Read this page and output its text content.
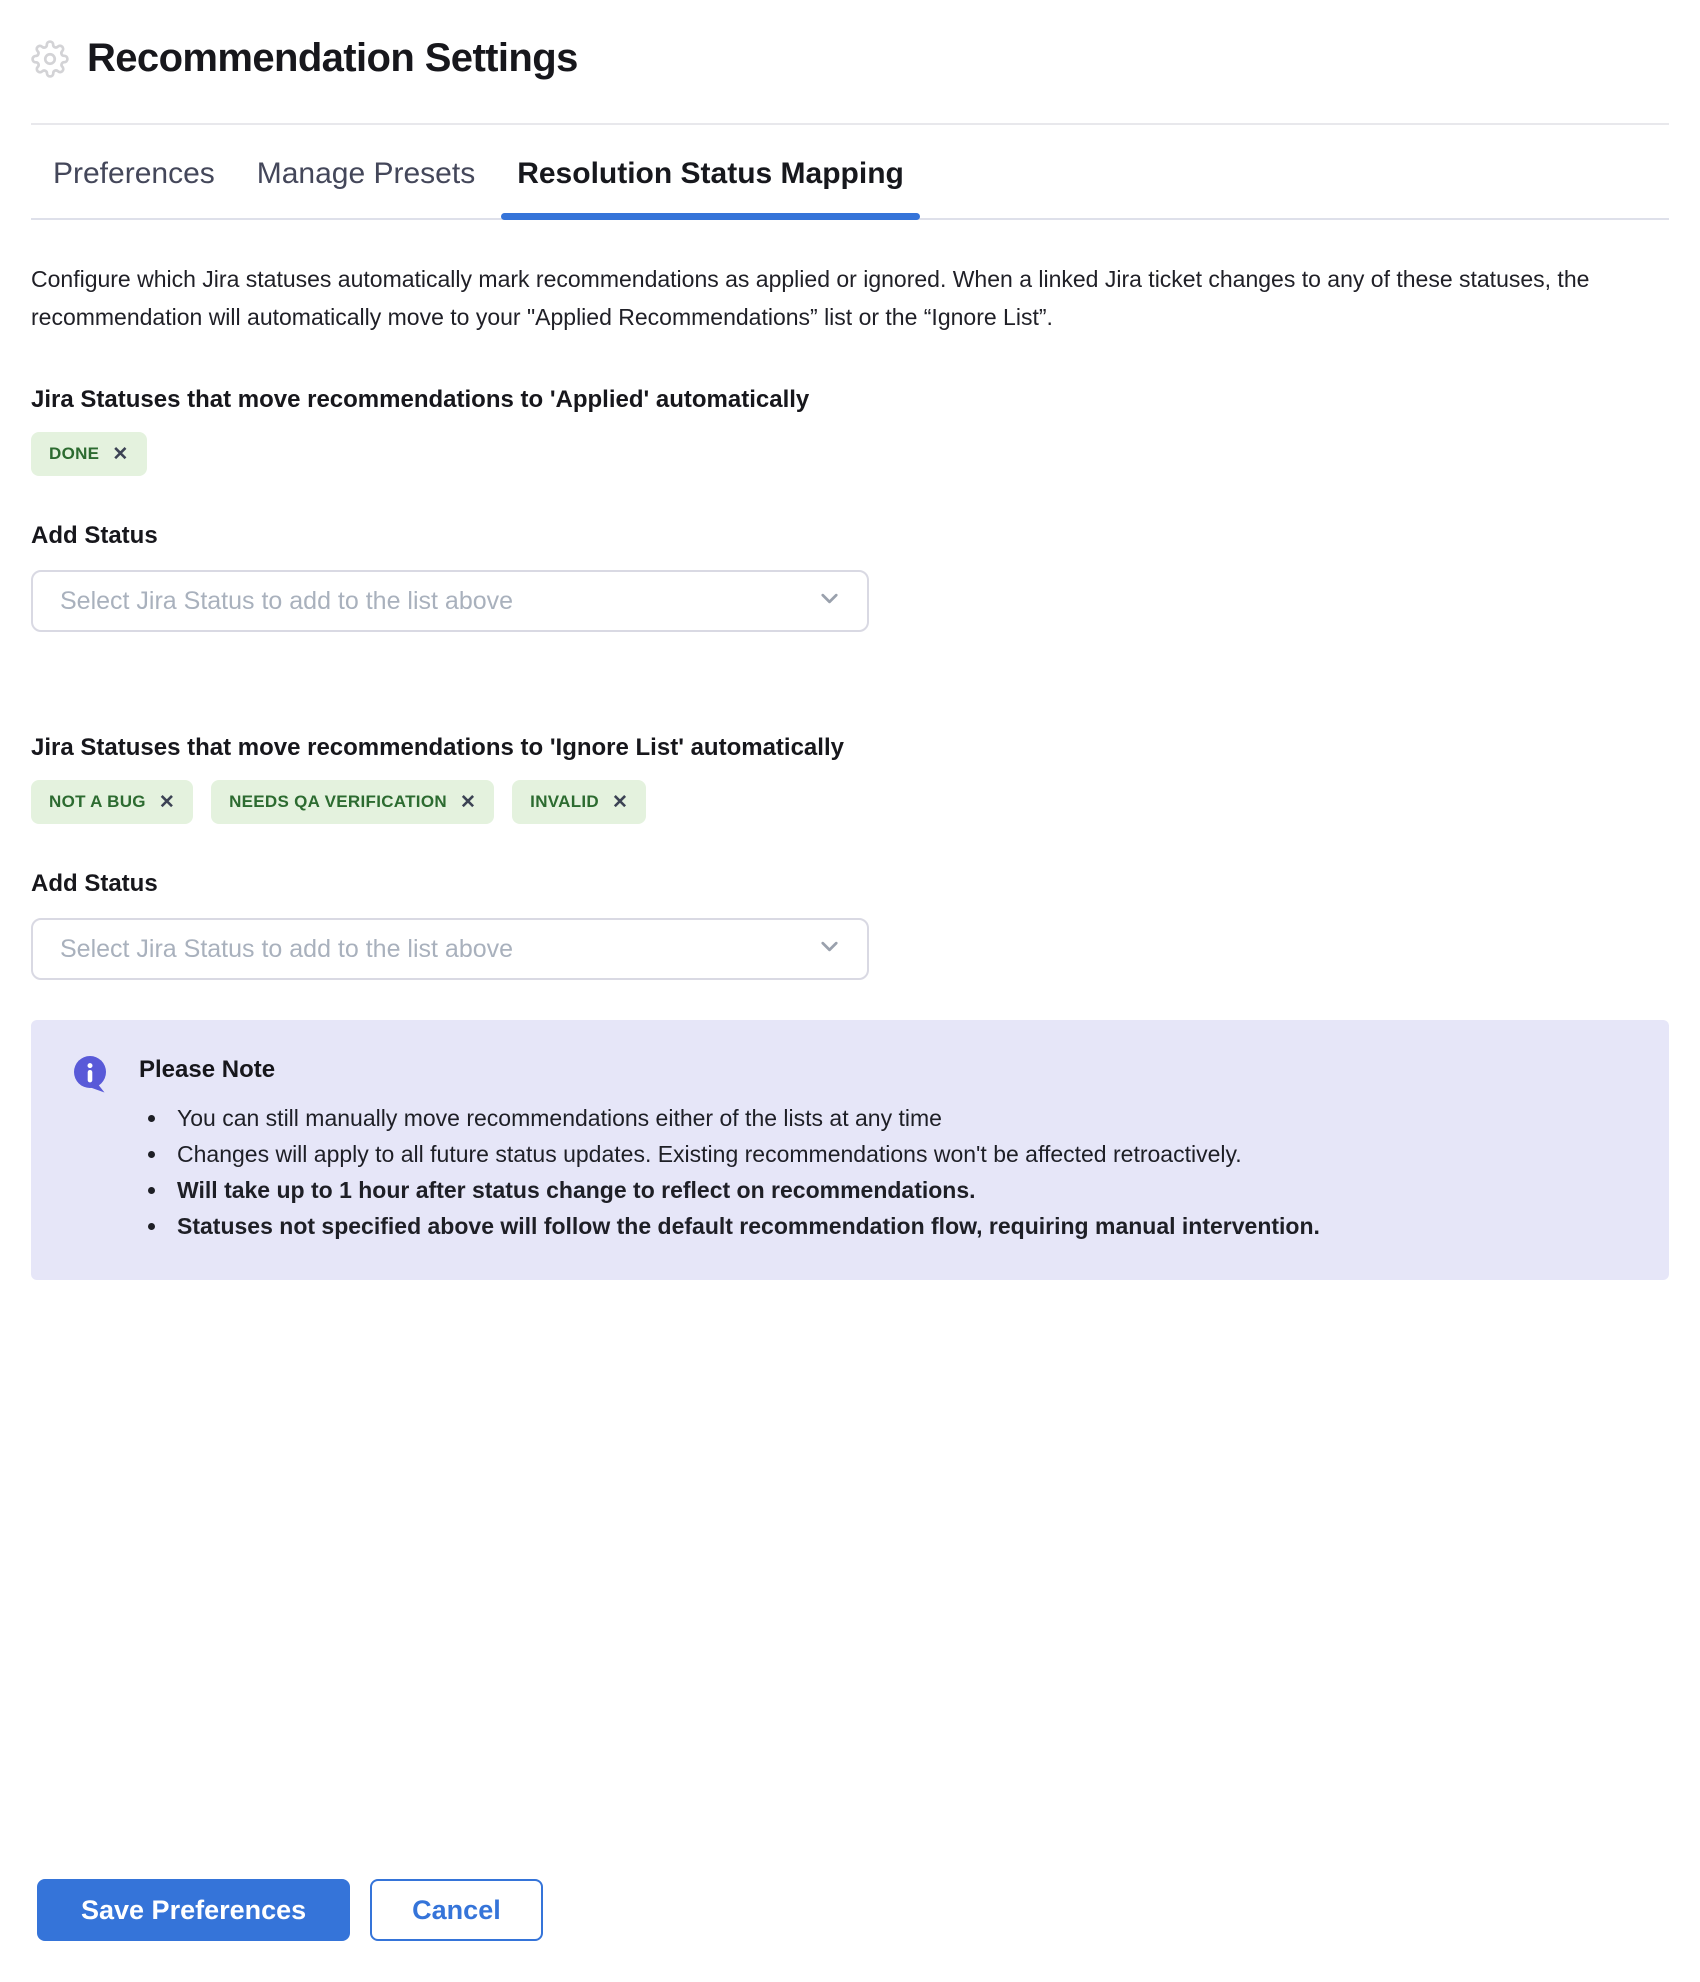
Recommendation Settings
Preferences	Manage Presets	Resolution Status Mapping

Configure which Jira statuses automatically mark recommendations as applied or ignored. When a linked Jira ticket changes to any of these statuses, the recommendation will automatically move to your "Applied Recommendations” list or the “Ignore List”.

Jira Statuses that move recommendations to 'Applied' automatically
DONE ✕
Add Status
Select Jira Status to add to the list above
Jira Statuses that move recommendations to 'Ignore List' automatically
NOT A BUG ✕	NEEDS QA VERIFICATION ✕	INVALID ✕
Add Status
Select Jira Status to add to the list above
Please Note
• You can still manually move recommendations either of the lists at any time
• Changes will apply to all future status updates. Existing recommendations won't be affected retroactively.
• Will take up to 1 hour after status change to reflect on recommendations.
• Statuses not specified above will follow the default recommendation flow, requiring manual intervention.
Save Preferences	Cancel
